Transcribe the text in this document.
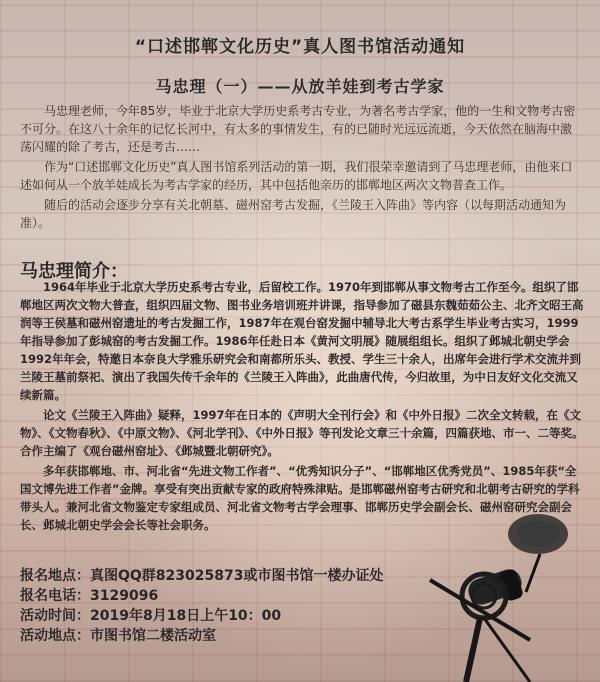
“口述邯郸文化历史”真人图书馆活动通知
马忠理（一）——从放羊娃到考古学家

马忠理老师，今年85岁，毕业于北京大学历史系考古专业，为著名考古学家，他的一生和文物考古密不可分。在这八十余年的记忆长河中，有太多的事情发生，有的已随时光远远流逝，今天依然在脑海中激荡闪耀的除了考古，还是考古……

作为“口述邯郸文化历史”真人图书馆系列活动的第一期，我们很荣幸邀请到了马忠理老师，由他来口述如何从一个放羊娃成长为考古学家的经历，其中包括他亲历的邯郸地区两次文物普查工作。

随后的活动会逐步分享有关北朝墓、磁州窑考古发掘，《兰陵王入阵曲》等内容（以每期活动通知为准）。

马忠理简介：

1964年毕业于北京大学历史系考古专业，后留校工作。1970年到邯郸从事文物考古工作至今。组织了邯郸地区两次文物大普查，组织四届文物、图书业务培训班并讲课，指导参加了磁县东魏茹茹公主、北齐文昭王高润等王侯墓和磁州窑遗址的考古发掘工作，1987年在观台窑发掘中辅导北大考古系学生毕业考古实习，1999年指导参加了彭城窑的考古发掘工作。1986年任赴日本《黄河文明展》随展组组长。组织了邺城北朝史学会1992年年会，特邀日本奈良大学雅乐研究会和南都所乐头、教授、学生三十余人，出席年会进行学术交流并到兰陵王墓前祭祀、演出了我国失传千余年的《兰陵王入阵曲》，此曲唐代传，今归故里，为中日友好文化交流又续新篇。

论文《兰陵王入阵曲》疑释，1997年在日本的《声明大全刊行会》和《中外日报》二次全文转载，在《文物》、《文物春秋》、《中原文物》、《河北学刊》、《中外日报》等刊发论文章三十余篇，四篇获地、市一、二等奖。合作主编了《观台磁州窑址》、《邺城暨北朝研究》。

多年获邯郸地、市、河北省“先进文物工作者”、“优秀知识分子”、“邯郸地区优秀党员”、1985年获“全国文博先进工作者”金牌。享受有突出贡献专家的政府特殊津贴。是邯郸磁州窑考古研究和北朝考古研究的学科带头人。兼河北省文物鉴定专家组成员、河北省文物考古学会理事、邯郸历史学会副会长、磁州窑研究会副会长、邺城北朝史学会会长等社会职务。

报名地点： 真图QQ群823025873或市图书馆一楼办证处
报名电话： 3129096
活动时间： 2019年8月18日上午10：00
活动地点： 市图书馆二楼活动室
